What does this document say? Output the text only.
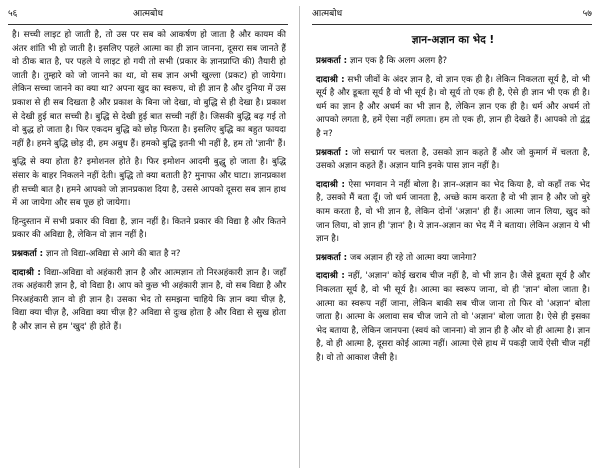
५६	आत्मबोध

है। सच्ची लाइट हो जाती है, तो उस पर सब को आकर्षण हो जाता है और कायम की अंतर शांति भी हो जाती है। इसलिए पहले आत्मा का ही ज्ञान जानना, दूसरा सब जानते हैं वो ठीक बात है, पर पहले ये लाइट हो गयी तो सभी (प्रकार के ज्ञानप्राप्ति की) तैयारी हो जाती है। तुम्हारे को जो जानने का था, वो सब ज्ञान अभी खुल्ला (प्रकट) हो जायेगा। लेकिन सच्चा जानने का क्या था? अपना खुद का स्वरूप, वो ही ज्ञान है और दुनिया में उस प्रकाश से ही सब दिखता है और प्रकाश के बिना जो देखा, वो बुद्धि से ही देखा है। प्रकाश से देखी हुई बात सच्ची है। बुद्धि से देखी हुई बात सच्ची नहीं है। जिसकी बुद्धि बढ़ गई तो वो बुद्ध हो जाता है। फिर एकदम बुद्धि को छोड़ फिरता है। इसलिए बुद्धि का बहुत फायदा नहीं है। हमने बुद्धि छोड़ दी, हम अबुध हैं। हमको बुद्धि इतनी भी नहीं है, हम तो 'ज्ञानी' हैं।

बुद्धि से क्या होता है? इमोशनल होते है। फिर इमोशन आदमी बुद्धु हो जाता है। बुद्धि संसार के बाहर निकलने नहीं देती। बुद्धि तो क्या बताती है? मुनाफा और घाटा। ज्ञानप्रकाश ही सच्ची बात है। हमने आपको जो ज्ञानप्रकाश दिया है, उससे आपको दूसरा सब ज्ञान हाथ में आ जायेगा और सब पूछ हो जायेगा।

हिन्दुस्तान में सभी प्रकार की विद्या है, ज्ञान नहीं है। कितने प्रकार की विद्या है और कितने प्रकार की अविद्या है, लेकिन वो ज्ञान नहीं है।

प्रश्नकर्ता : ज्ञान तो विद्या-अविद्या से आगे की बात है न?

दादाश्री : विद्या-अविद्या वो अहंकारी ज्ञान है और आत्मज्ञान तो निरअहंकारी ज्ञान है। जहाँ तक अहंकारी ज्ञान है, वो विद्या है। आप को कुछ भी अहंकारी ज्ञान है, वो सब विद्या है और निरअहंकारी ज्ञान वो ही ज्ञान है। उसका भेद तो समझना चाहिये कि ज्ञान क्या चीज़ है, विद्या क्या चीज़ है, अविद्या क्या चीज़ है? अविद्या से दुःख होता है और विद्या से सुख होता है और ज्ञान से हम 'खुद' ही होते हैं।

आत्मबोध	५७
ज्ञान-अज्ञान का भेद !

प्रश्नकर्ता : ज्ञान एक है कि अलग अलग है?

दादाश्री : सभी जीवों के अंदर ज्ञान है, वो ज्ञान एक ही है। लेकिन निकलता सूर्य है, वो भी सूर्य है और डूबता सूर्य है वो भी सूर्य है। वो सूर्य तो एक ही है, ऐसे ही ज्ञान भी एक ही है। धर्म का ज्ञान है और अधर्म का भी ज्ञान है, लेकिन ज्ञान एक ही है। धर्म और अधर्म तो आपको लगता है, हमें ऐसा नहीं लगता। हम तो एक ही, ज्ञान ही देखते हैं। आपको तो द्वंद्व है न?

प्रश्नकर्ता : जो सद्मार्ग पर चलता है, उसको ज्ञान कहते हैं और जो कुमार्ग में चलता है, उसको अज्ञान कहते हैं। अज्ञान यानि इनके पास ज्ञान नहीं है।

दादाश्री : ऐसा भगवान ने नहीं बोला है। ज्ञान-अज्ञान का भेद किया है, वो कहाँ तक भेद है, उसको मैं बता दूँ। जो धर्म जानता है, अच्छे काम करता है वो भी ज्ञान है और जो बुरे काम करता है, वो भी ज्ञान है, लेकिन दोनों 'अज्ञान' ही हैं। आत्मा जान लिया, खुद को जान लिया, वो ज्ञान ही 'ज्ञान' है। ये ज्ञान-अज्ञान का भेद मैं ने बताया। लेकिन अज्ञान ये भी ज्ञान है।

प्रश्नकर्ता : जब अज्ञान ही रहे तो आत्मा क्या जानेगा?

दादाश्री : नहीं, 'अज्ञान' कोई खराब चीज नहीं है, वो भी ज्ञान है। जैसे डूबता सूर्य है और निकलता सूर्य है, वो भी सूर्य है। आत्मा का स्वरूप जाना, वो ही 'ज्ञान' बोला जाता है। आत्मा का स्वरूप नहीं जाना, लेकिन बाकी सब चीज जाना तो फिर वो 'अज्ञान' बोला जाता है। आत्मा के अलावा सब चीज जाने तो वो 'अज्ञान' बोला जाता है। ऐसे ही इसका भेद बताया है, लेकिन जानपना (स्वयं को जानना) वो ज्ञान ही है और वो ही आत्मा है। ज्ञान है, वो ही आत्मा है, दूसरा कोई आत्मा नहीं। आत्मा ऐसे हाथ में पकड़ी जायें ऐसी चीज नहीं है। वो तो आकाश जैसी है।
